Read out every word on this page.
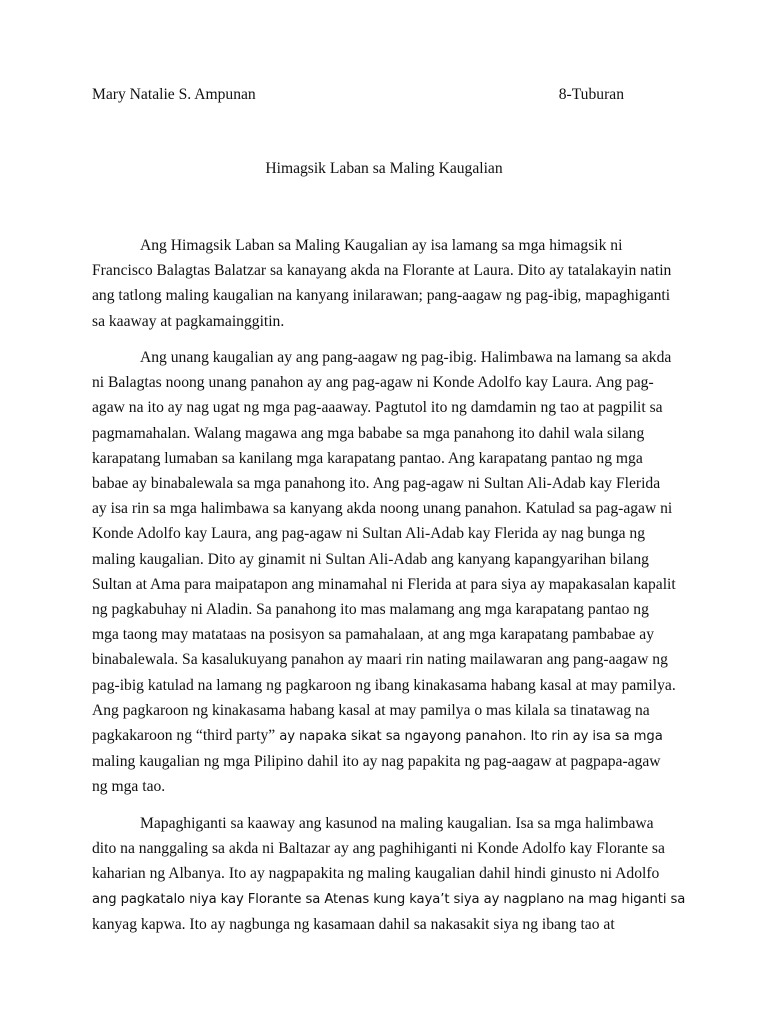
Mary Natalie S. Ampunan	8-Tuburan
Himagsik Laban sa Maling Kaugalian
Ang Himagsik Laban sa Maling Kaugalian ay isa lamang sa mga himagsik ni
Francisco Balagtas Balatzar sa kanayang akda na Florante at Laura. Dito ay tatalakayin natin
ang tatlong maling kaugalian na kanyang inilarawan; pang-aagaw ng pag-ibig, mapaghiganti
sa kaaway at pagkamainggitin.
Ang unang kaugalian ay ang pang-aagaw ng pag-ibig. Halimbawa na lamang sa akda
ni Balagtas noong unang panahon ay ang pag-agaw ni Konde Adolfo kay Laura. Ang pag-
agaw na ito ay nag ugat ng mga pag-aaaway. Pagtutol ito ng damdamin ng tao at pagpilit sa
pagmamahalan. Walang magawa ang mga bababe sa mga panahong ito dahil wala silang
karapatang lumaban sa kanilang mga karapatang pantao. Ang karapatang pantao ng mga
babae ay binabalewala sa mga panahong ito. Ang pag-agaw ni Sultan Ali-Adab kay Flerida
ay isa rin sa mga halimbawa sa kanyang akda noong unang panahon. Katulad sa pag-agaw ni
Konde Adolfo kay Laura, ang pag-agaw ni Sultan Ali-Adab kay Flerida ay nag bunga ng
maling kaugalian. Dito ay ginamit ni Sultan Ali-Adab ang kanyang kapangyarihan bilang
Sultan at Ama para maipatapon ang minamahal ni Flerida at para siya ay mapakasalan kapalit
ng pagkabuhay ni Aladin. Sa panahong ito mas malamang ang mga karapatang pantao ng
mga taong may matataas na posisyon sa pamahalaan, at ang mga karapatang pambabae ay
binabalewala. Sa kasalukuyang panahon ay maari rin nating mailawaran ang pang-aagaw ng
pag-ibig katulad na lamang ng pagkaroon ng ibang kinakasama habang kasal at may pamilya.
Ang pagkaroon ng kinakasama habang kasal at may pamilya o mas kilala sa tinatawag na
pagkakaroon ng “third party” ay napaka sikat sa ngayong panahon. Ito rin ay isa sa mga
maling kaugalian ng mga Pilipino dahil ito ay nag papakita ng pag-aagaw at pagpapa-agaw
ng mga tao.
Mapaghiganti sa kaaway ang kasunod na maling kaugalian. Isa sa mga halimbawa
dito na nanggaling sa akda ni Baltazar ay ang paghihiganti ni Konde Adolfo kay Florante sa
kaharian ng Albanya. Ito ay nagpapakita ng maling kaugalian dahil hindi ginusto ni Adolfo
ang pagkatalo niya kay Florante sa Atenas kung kaya’t siya ay nagplano na mag higanti sa
kanyag kapwa. Ito ay nagbunga ng kasamaan dahil sa nakasakit siya ng ibang tao at
